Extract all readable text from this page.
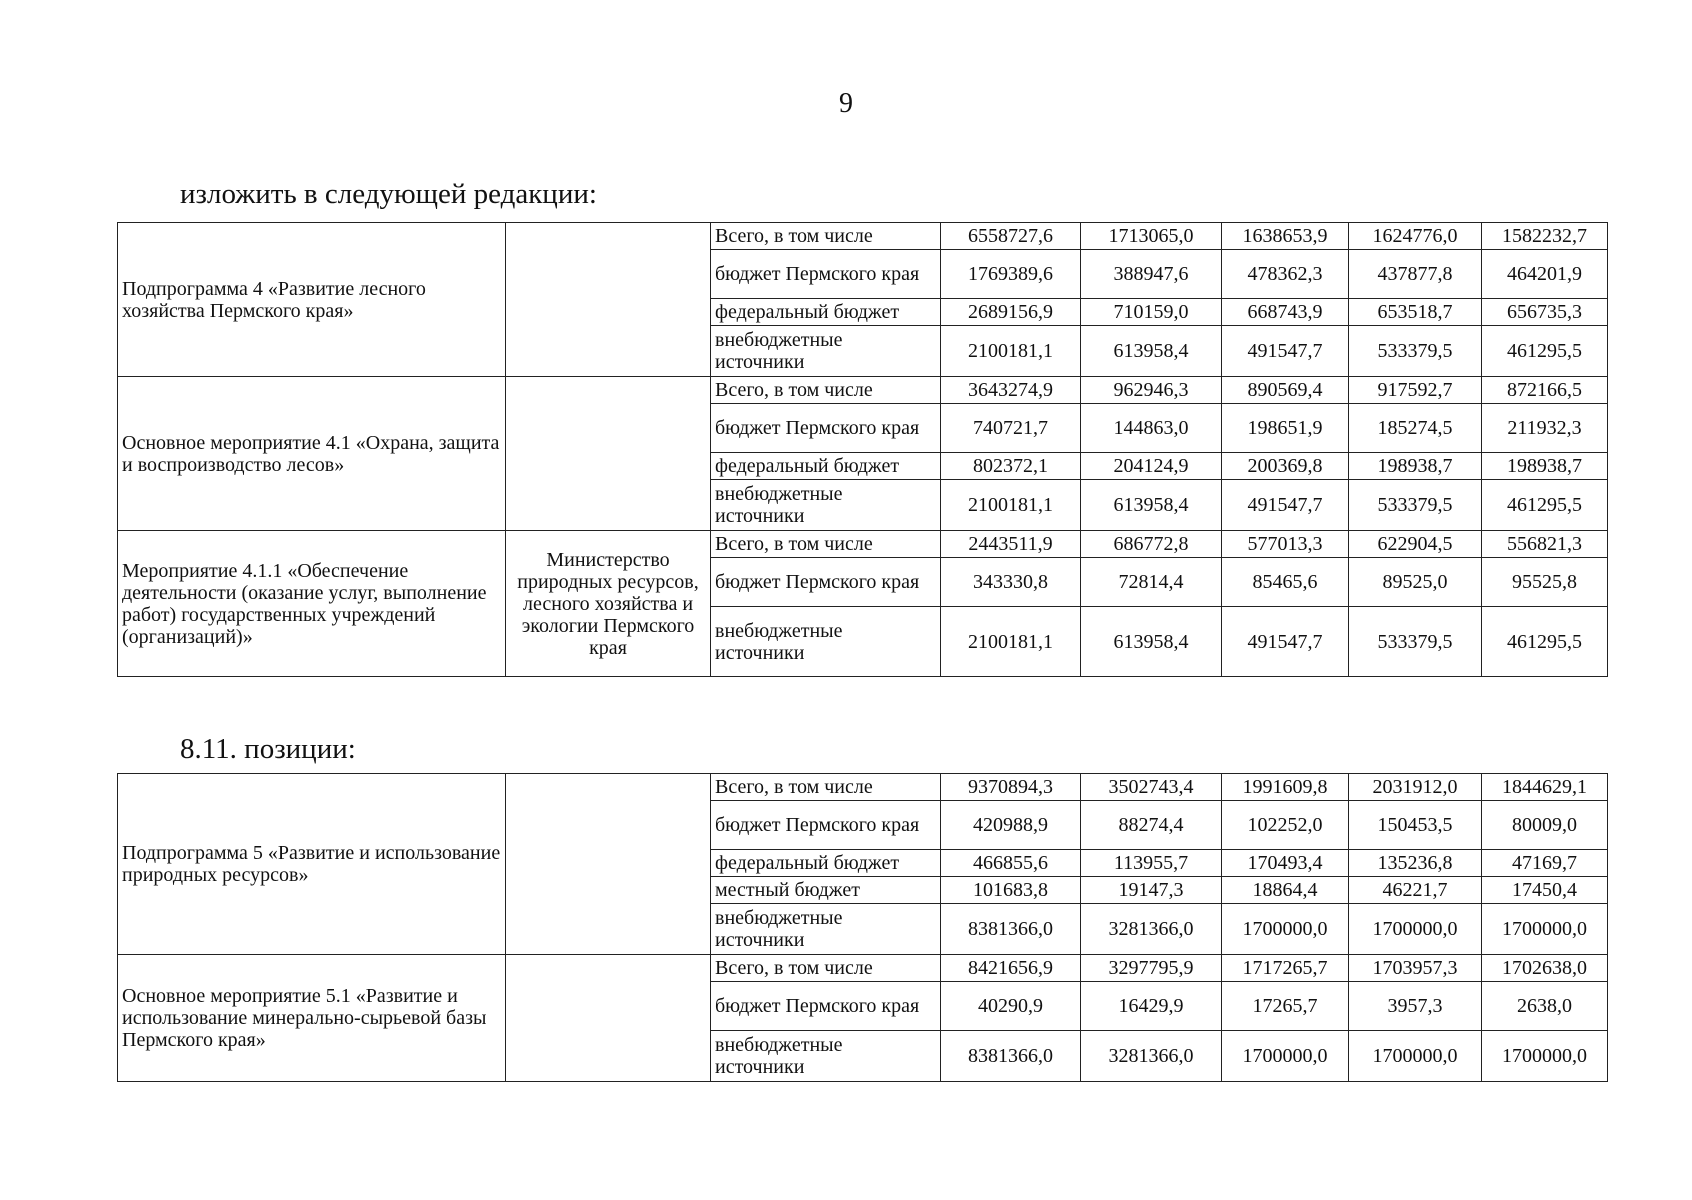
9
изложить в следующей редакции:
Подпрограмма 4 «Развитие лесного хозяйства Пермского края»		Всего, в том числе	6558727,6	1713065,0	1638653,9	1624776,0	1582232,7
		бюджет Пермского края	1769389,6	388947,6	478362,3	437877,8	464201,9
		федеральный бюджет	2689156,9	710159,0	668743,9	653518,7	656735,3
		внебюджетные источники	2100181,1	613958,4	491547,7	533379,5	461295,5
Основное мероприятие 4.1 «Охрана, защита и воспроизводство лесов»		Всего, в том числе	3643274,9	962946,3	890569,4	917592,7	872166,5
		бюджет Пермского края	740721,7	144863,0	198651,9	185274,5	211932,3
		федеральный бюджет	802372,1	204124,9	200369,8	198938,7	198938,7
		внебюджетные источники	2100181,1	613958,4	491547,7	533379,5	461295,5
Мероприятие 4.1.1 «Обеспечение деятельности (оказание услуг, выполнение работ) государственных учреждений (организаций)»	Министерство природных ресурсов, лесного хозяйства и экологии Пермского края	Всего, в том числе	2443511,9	686772,8	577013,3	622904,5	556821,3
		бюджет Пермского края	343330,8	72814,4	85465,6	89525,0	95525,8
		внебюджетные источники	2100181,1	613958,4	491547,7	533379,5	461295,5
8.11. позиции:
Подпрограмма 5 «Развитие и использование природных ресурсов»		Всего, в том числе	9370894,3	3502743,4	1991609,8	2031912,0	1844629,1
		бюджет Пермского края	420988,9	88274,4	102252,0	150453,5	80009,0
		федеральный бюджет	466855,6	113955,7	170493,4	135236,8	47169,7
		местный бюджет	101683,8	19147,3	18864,4	46221,7	17450,4
		внебюджетные источники	8381366,0	3281366,0	1700000,0	1700000,0	1700000,0
Основное мероприятие 5.1 «Развитие и использование минерально-сырьевой базы Пермского края»		Всего, в том числе	8421656,9	3297795,9	1717265,7	1703957,3	1702638,0
		бюджет Пермского края	40290,9	16429,9	17265,7	3957,3	2638,0
		внебюджетные источники	8381366,0	3281366,0	1700000,0	1700000,0	1700000,0
